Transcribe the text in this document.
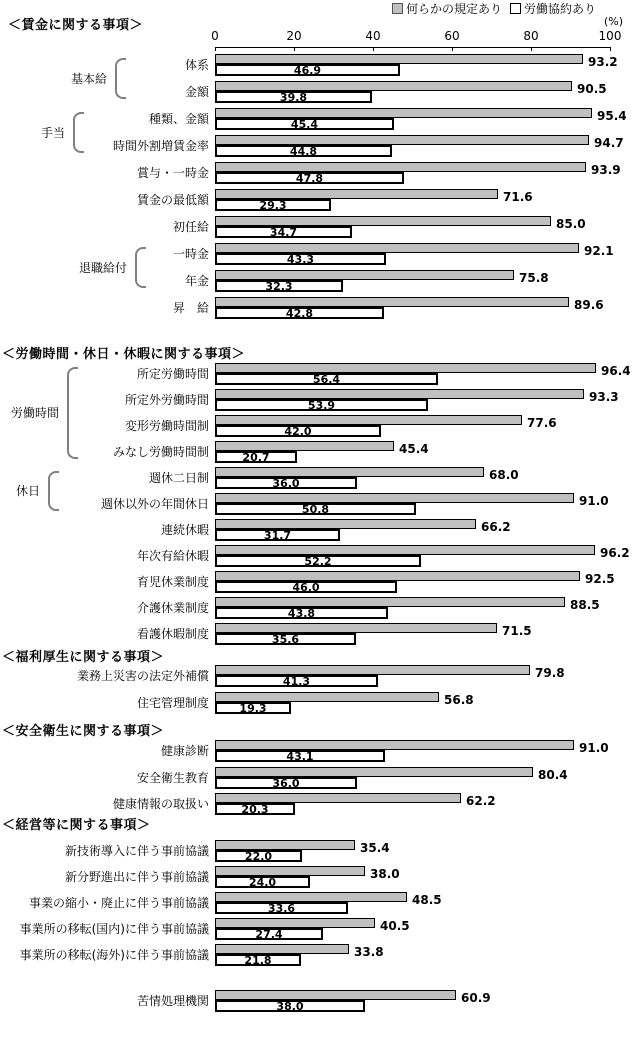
何らかの規定あり 労働協約あり
(%)
0	20	40	60	80	100
＜賃金に関する事項＞
46.9
93.2
体系
39.8
90.5
金額
45.4
95.4
種類、金額
44.8
94.7
時間外割増賃金率
47.8
93.9
賞与・一時金
29.3
71.6
賃金の最低額
34.7
85.0
初任給
43.3
92.1
一時金
32.3
75.8
年金
42.8
89.6
昇　給
基本給
手当
退職給付
＜労働時間・休日・休暇に関する事項＞
56.4
96.4
所定労働時間
53.9
93.3
所定外労働時間
42.0
77.6
変形労働時間制
20.7
45.4
みなし労働時間制
36.0
68.0
週休二日制
50.8
91.0
週休以外の年間休日
31.7
66.2
連続休暇
52.2
96.2
年次有給休暇
46.0
92.5
育児休業制度
43.8
88.5
介護休業制度
35.6
71.5
看護休暇制度
労働時間
休日
＜福利厚生に関する事項＞
41.3
79.8
業務上災害の法定外補償
19.3
56.8
住宅管理制度
＜安全衛生に関する事項＞
43.1
91.0
健康診断
36.0
80.4
安全衛生教育
20.3
62.2
健康情報の取扱い
＜経営等に関する事項＞
22.0
35.4
新技術導入に伴う事前協議
24.0
38.0
新分野進出に伴う事前協議
33.6
48.5
事業の縮小・廃止に伴う事前協議
27.4
40.5
事業所の移転(国内)に伴う事前協議
21.8
33.8
事業所の移転(海外)に伴う事前協議
38.0
60.9
苦情処理機関
